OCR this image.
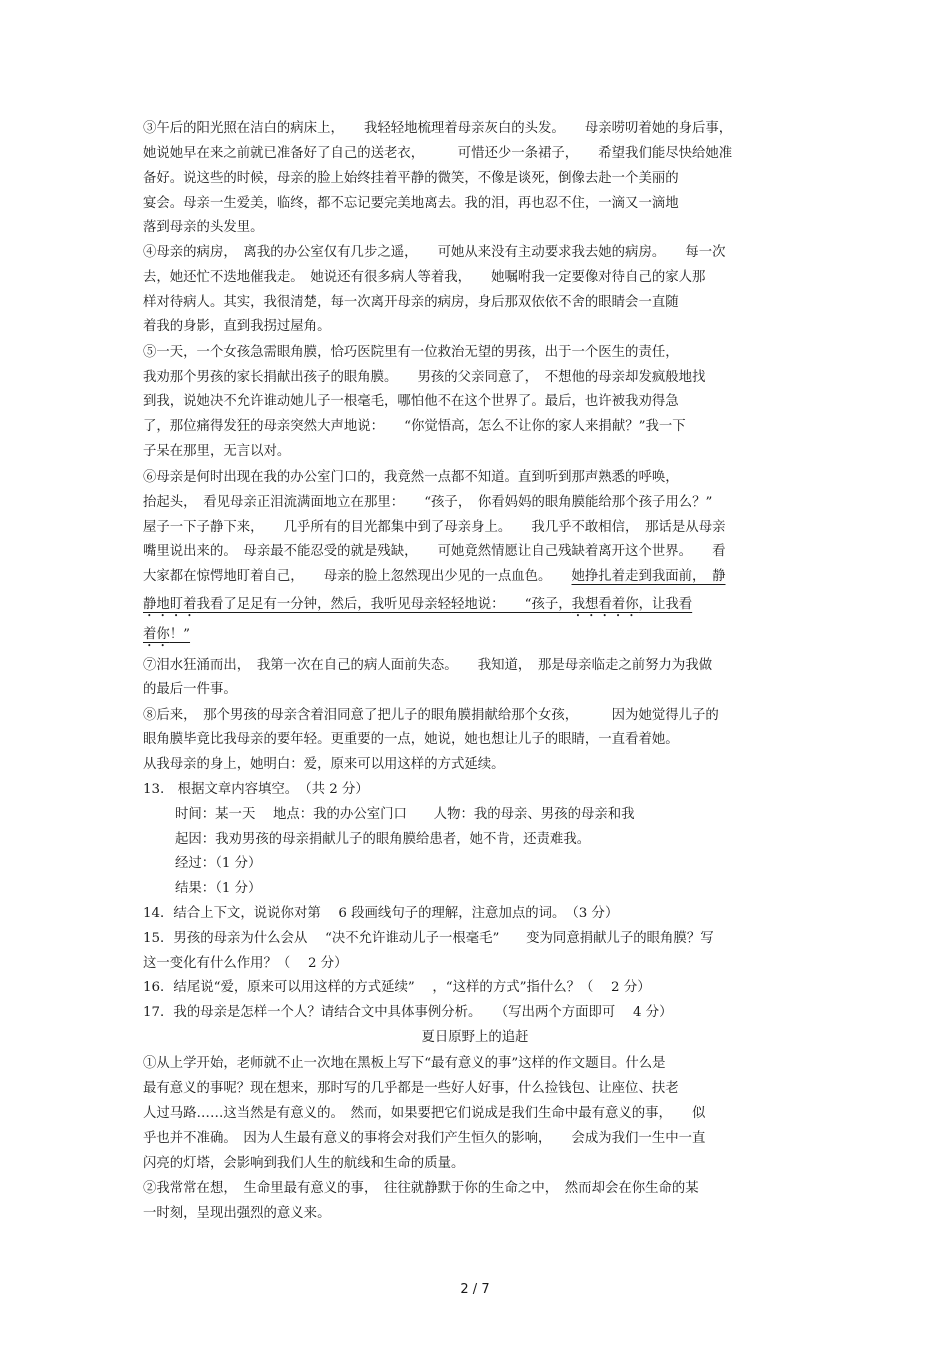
③午后的阳光照在洁白的病床上，　　我轻轻地梳理着母亲灰白的头发。　　母亲唠叨着她的身后事，
她说她早在来之前就已准备好了自己的送老衣，　　　可惜还少一条裙子，　　希望我们能尽快给她准
备好。说这些的时候，母亲的脸上始终挂着平静的微笑，不像是谈死，倒像去赴一个美丽的
宴会。母亲一生爱美，临终，都不忘记要完美地离去。我的泪，再也忍不住，一滴又一滴地
落到母亲的头发里。
④母亲的病房，　离我的办公室仅有几步之遥，　　可她从来没有主动要求我去她的病房。　　每一次
去，她还忙不迭地催我走。　她说还有很多病人等着我，　　她嘱咐我一定要像对待自己的家人那
样对待病人。其实，我很清楚，每一次离开母亲的病房，身后那双依依不舍的眼睛会一直随
着我的身影，直到我拐过屋角。
⑤一天，一个女孩急需眼角膜，恰巧医院里有一位救治无望的男孩，出于一个医生的责任，
我劝那个男孩的家长捐献出孩子的眼角膜。　　男孩的父亲同意了，　不想他的母亲却发疯般地找
到我，说她决不允许谁动她儿子一根毫毛，哪怕他不在这个世界了。最后，也许被我劝得急
了，那位痛得发狂的母亲突然大声地说：　　“你觉悟高，怎么不让你的家人来捐献？”我一下
子呆在那里，无言以对。
⑥母亲是何时出现在我的办公室门口的，我竟然一点都不知道。直到听到那声熟悉的呼唤，
抬起头，　看见母亲正泪流满面地立在那里：　　“孩子，　你看妈妈的眼角膜能给那个孩子用么？”
屋子一下子静下来，　　几乎所有的目光都集中到了母亲身上。　　我几乎不敢相信，　那话是从母亲
嘴里说出来的。　母亲最不能忍受的就是残缺，　　可她竟然情愿让自己残缺着离开这个世界。　　看
大家都在惊愕地盯着自己，　　母亲的脸上忽然现出少见的一点血色。　　她挣扎着走到我面前，　静
静地盯着我看了足足有一分钟，然后，我听见母亲轻轻地说：　　“孩子，我想看着你，让我看
着你！”
⑦泪水狂涌而出，　我第一次在自己的病人面前失态。　　我知道，　那是母亲临走之前努力为我做
的最后一件事。
⑧后来，　那个男孩的母亲含着泪同意了把儿子的眼角膜捐献给那个女孩，　　　因为她觉得儿子的
眼角膜毕竟比我母亲的要年轻。更重要的一点，她说，她也想让儿子的眼睛，一直看着她。
从我母亲的身上，她明白：爱，原来可以用这样的方式延续。
13.　根据文章内容填空。　（共 2 分）
时间：某一天　 地点：我的办公室门口　　人物：我的母亲、男孩的母亲和我
起因：我劝男孩的母亲捐献儿子的眼角膜给患者，她不肯，还责难我。
经过：（1 分）
结果：（1 分）
14．结合上下文，说说你对第　 6 段画线句子的理解，注意加点的词。　（3 分）
15．男孩的母亲为什么会从　 “决不允许谁动儿子一根毫毛”　　变为同意捐献儿子的眼角膜？写
这一变化有什么作用？（　 2 分）
16．结尾说“爱，原来可以用这样的方式延续”　 ，“这样的方式”指什么？（　 2 分）
17．我的母亲是怎样一个人？请结合文中具体事例分析。　　（写出两个方面即可　 4 分）
夏日原野上的追赶
①从上学开始，老师就不止一次地在黑板上写下“最有意义的事”这样的作文题目。什么是
最有意义的事呢？现在想来，那时写的几乎都是一些好人好事，什么捡钱包、让座位、扶老
人过马路……这当然是有意义的。　然而，如果要把它们说成是我们生命中最有意义的事，　　似
乎也并不准确。　因为人生最有意义的事将会对我们产生恒久的影响，　　会成为我们一生中一直
闪亮的灯塔，会影响到我们人生的航线和生命的质量。
②我常常在想，　生命里最有意义的事，　往往就静默于你的生命之中，　然而却会在你生命的某
一时刻，呈现出强烈的意义来。
2 / 7
